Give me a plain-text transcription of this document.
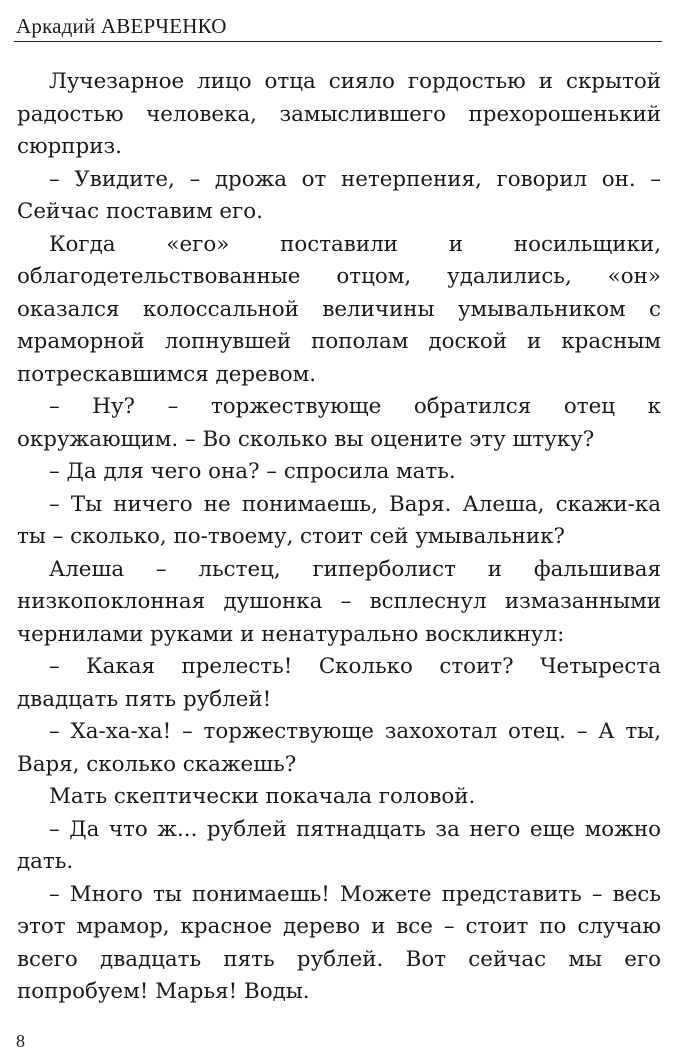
Аркадий АВЕРЧЕНКО

Лучезарное лицо отца сияло гордостью и скрытой радостью человека, замыслившего прехорошенький сюрприз.

– Увидите, – дрожа от нетерпения, говорил он. – Сейчас поставим его.

Когда «его» поставили и носильщики, облагодетельствованные отцом, удалились, «он» оказался колоссальной величины умывальником с мраморной лопнувшей пополам доской и красным потрескавшимся деревом.

– Ну? – торжествующе обратился отец к окружающим. – Во сколько вы оцените эту штуку?

– Да для чего она? – спросила мать.

– Ты ничего не понимаешь, Варя. Алеша, скажи-ка ты – сколько, по-твоему, стоит сей умывальник?

Алеша – льстец, гиперболист и фальшивая низкопоклонная душонка – всплеснул измазанными чернилами руками и ненатурально воскликнул:

– Какая прелесть! Сколько стоит? Четыреста двадцать пять рублей!

– Ха-ха-ха! – торжествующе захохотал отец. – А ты, Варя, сколько скажешь?

Мать скептически покачала головой.

– Да что ж... рублей пятнадцать за него еще можно дать.

– Много ты понимаешь! Можете представить – весь этот мрамор, красное дерево и все – стоит по случаю всего двадцать пять рублей. Вот сейчас мы его попробуем! Марья! Воды.

8
